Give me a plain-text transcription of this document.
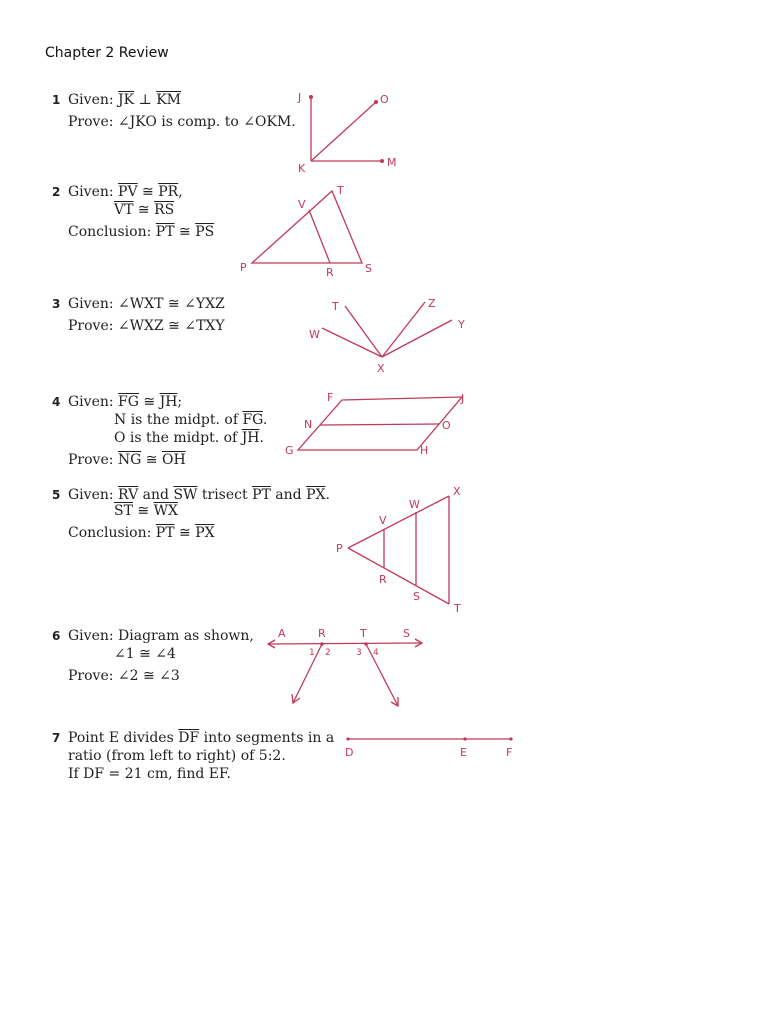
Chapter 2 Review
1 Given: $\overline{JK}$ ⊥ $\overline{KM}$
Prove: ∠JKO is comp. to ∠OKM.
J	O
K	M
2 Given: $\overline{PV}$ ≅ $\overline{PR}$,
$\overline{VT}$ ≅ $\overline{RS}$
Conclusion: $\overline{PT}$ ≅ $\overline{PS}$
T
V
P	R	S
3 Given: ∠WXT ≅ ∠YXZ
Prove: ∠WXZ ≅ ∠TXY
T	Z
W
Y
X
4 Given: $\overline{FG}$ ≅ $\overline{JH}$;
N is the midpt. of $\overline{FG}$.
O is the midpt. of $\overline{JH}$.
Prove: $\overline{NG}$ ≅ $\overline{OH}$
F	J
N	O
G	H
5 Given: $\overline{RV}$ and $\overline{SW}$ trisect $\overline{PT}$ and $\overline{PX}$.
$\overline{ST}$ ≅ $\overline{WX}$
Conclusion: $\overline{PT}$ ≅ $\overline{PX}$
X
W
V
P
R
S
T
6 Given: Diagram as shown,
∠1 ≅ ∠4
Prove: ∠2 ≅ ∠3
A	R	T	S
1 2	3 4
7 Point E divides $\overline{DF}$ into segments in a
ratio (from left to right) of 5:2.
If DF = 21 cm, find EF.
D	E	F
